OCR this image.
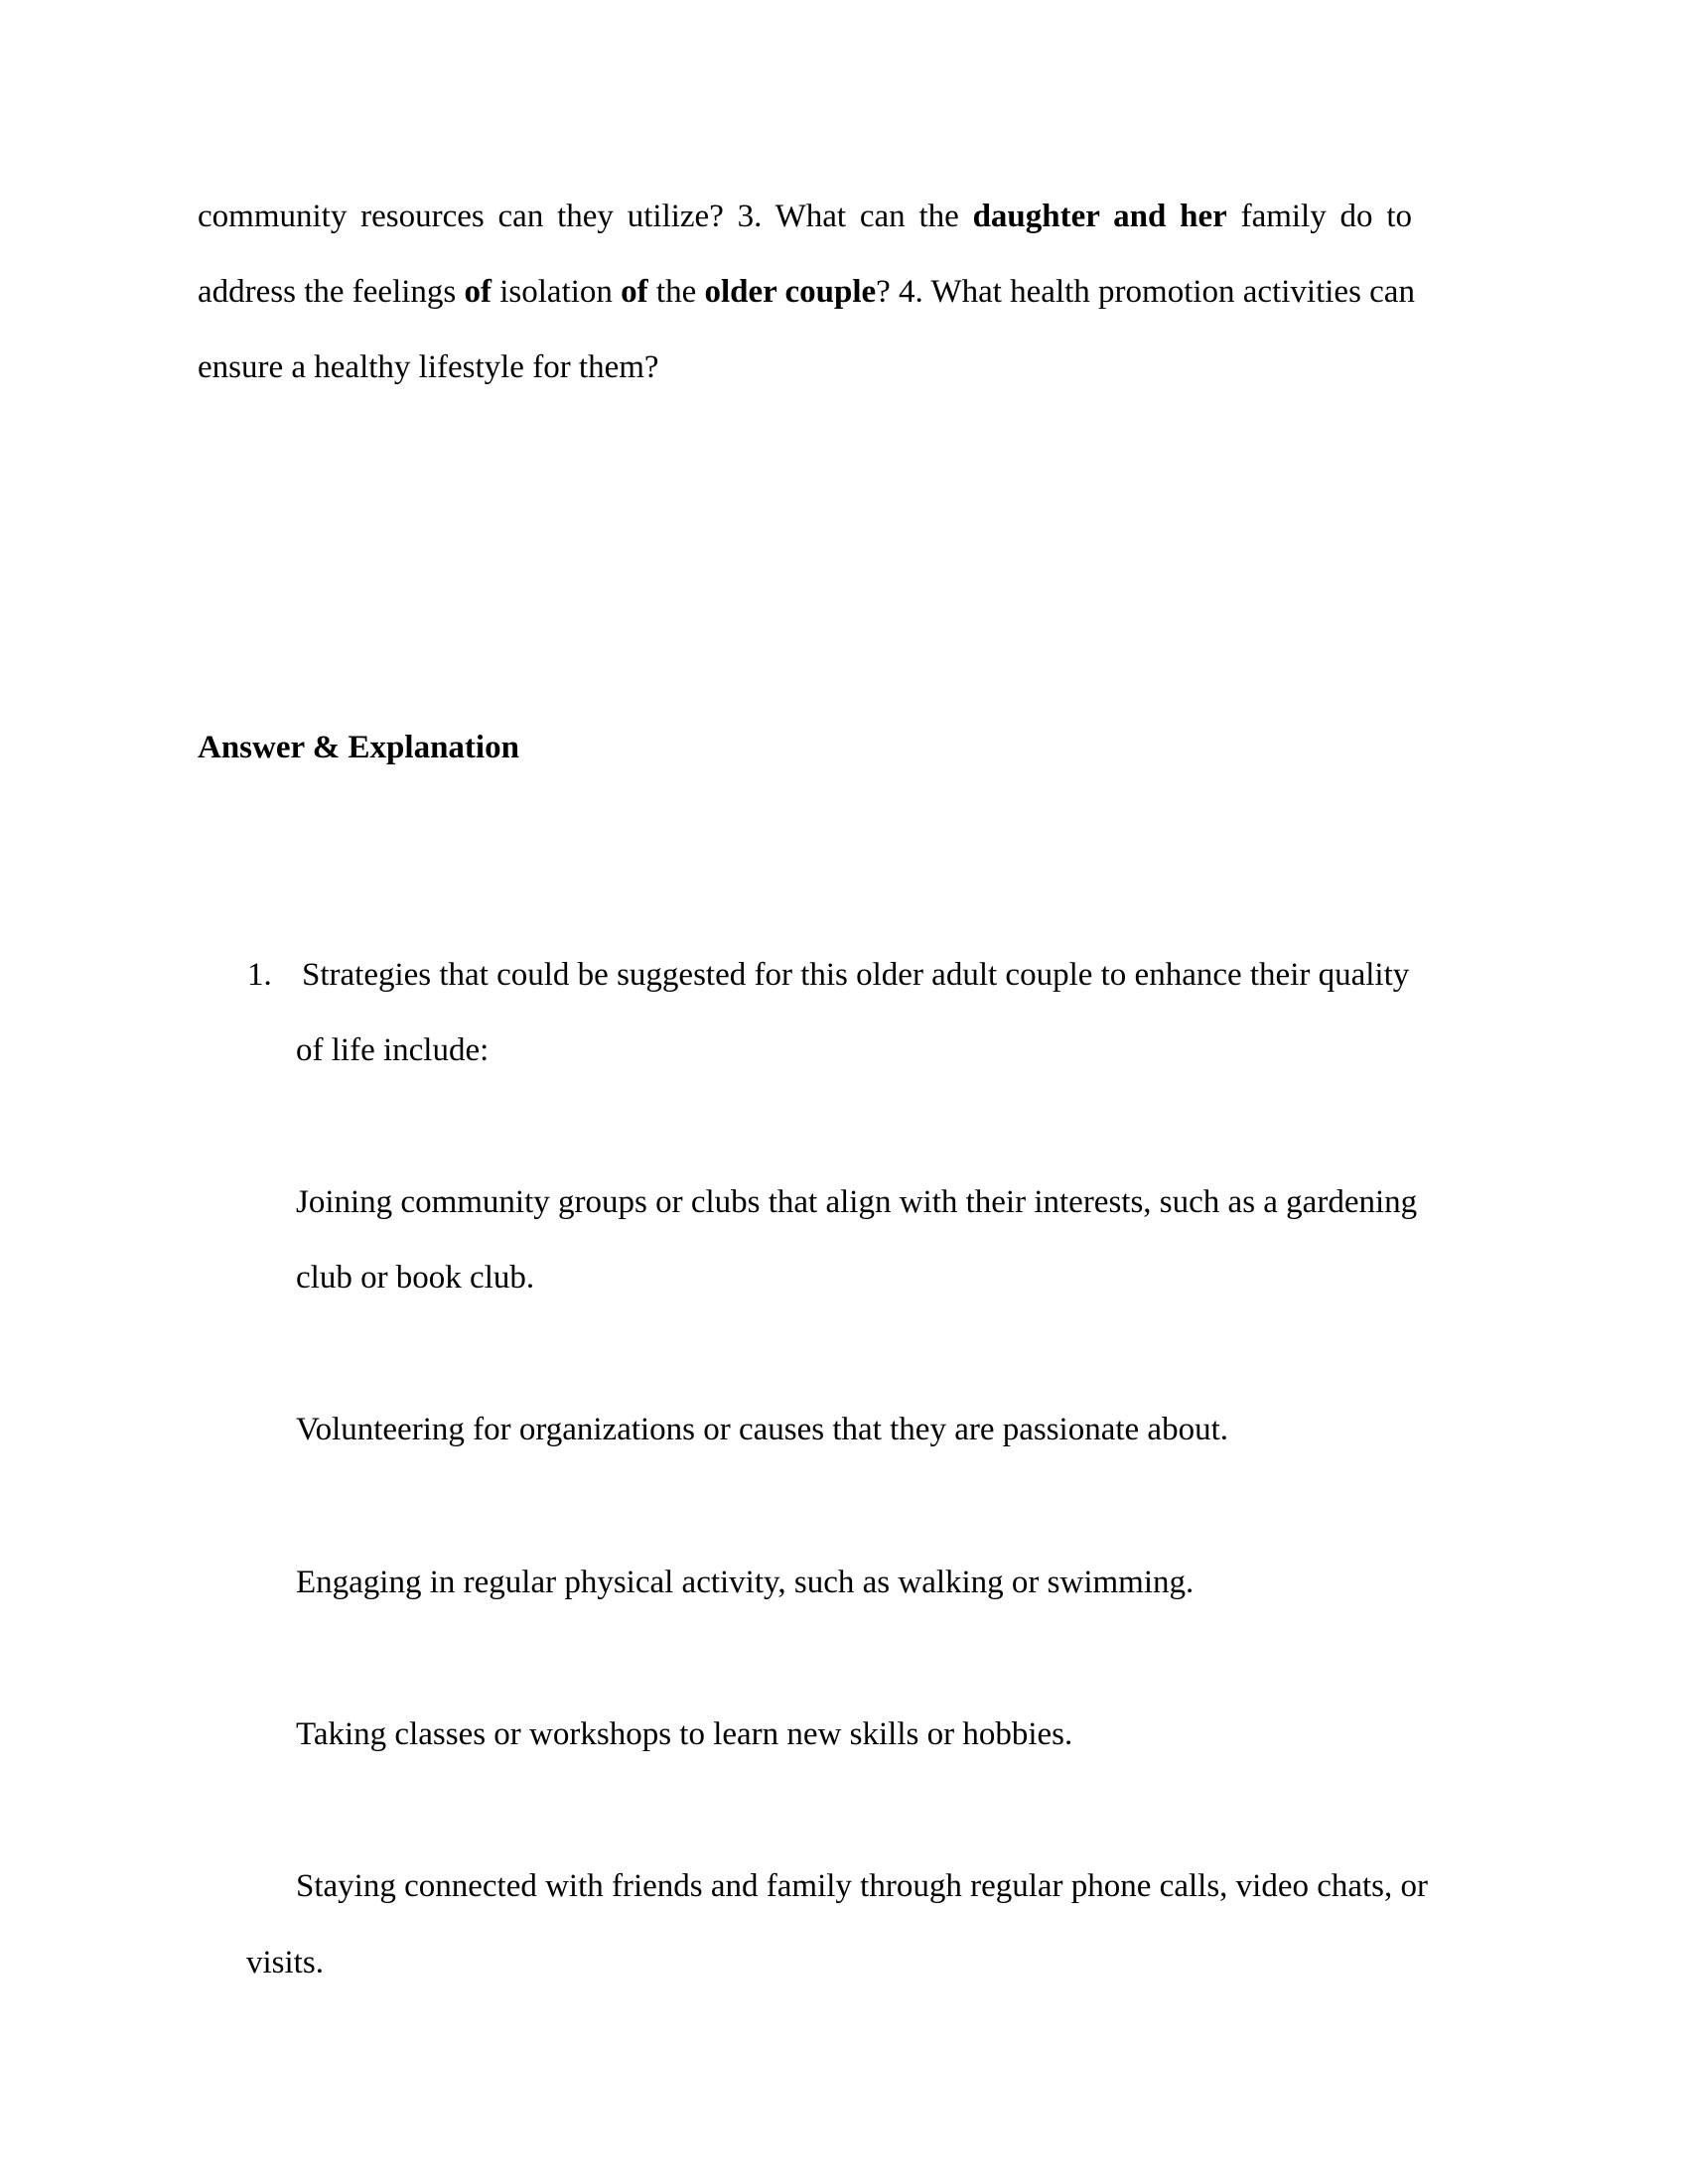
community resources can they utilize? 3. What can the daughter and her family do to
address the feelings of isolation of the older couple? 4. What health promotion activities can
ensure a healthy lifestyle for them?
Answer & Explanation
1. Strategies that could be suggested for this older adult couple to enhance their quality
of life include:
Joining community groups or clubs that align with their interests, such as a gardening
club or book club.
Volunteering for organizations or causes that they are passionate about.
Engaging in regular physical activity, such as walking or swimming.
Taking classes or workshops to learn new skills or hobbies.
Staying connected with friends and family through regular phone calls, video chats, or
visits.
